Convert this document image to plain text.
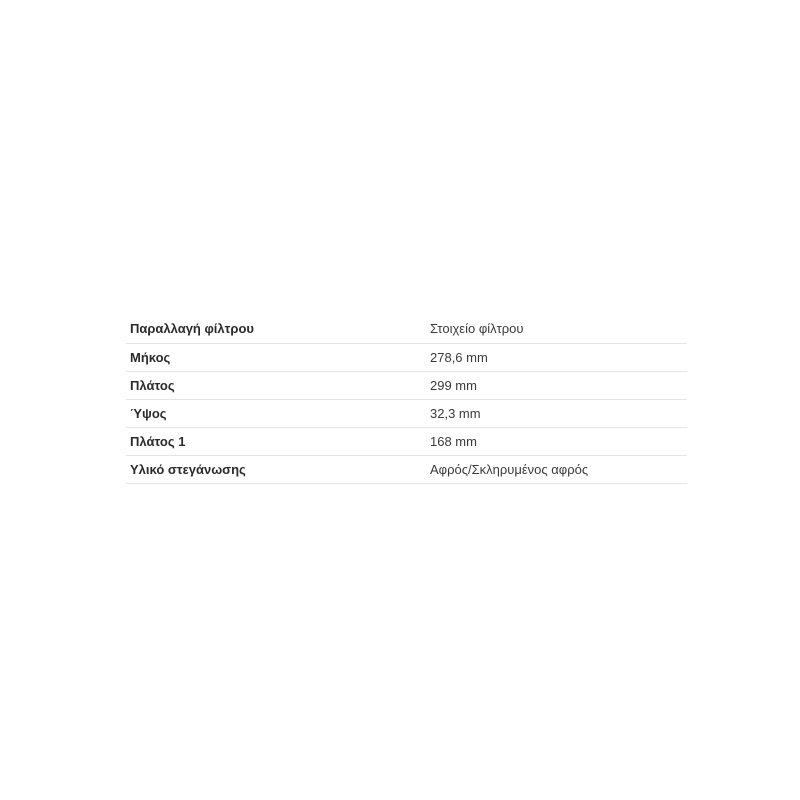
Παραλλαγή φίλτρου	Στοιχείο φίλτρου
Μήκος	278,6 mm
Πλάτος	299 mm
Ύψος	32,3 mm
Πλάτος 1	168 mm
Υλικό στεγάνωσης	Αφρός/Σκληρυμένος αφρός
